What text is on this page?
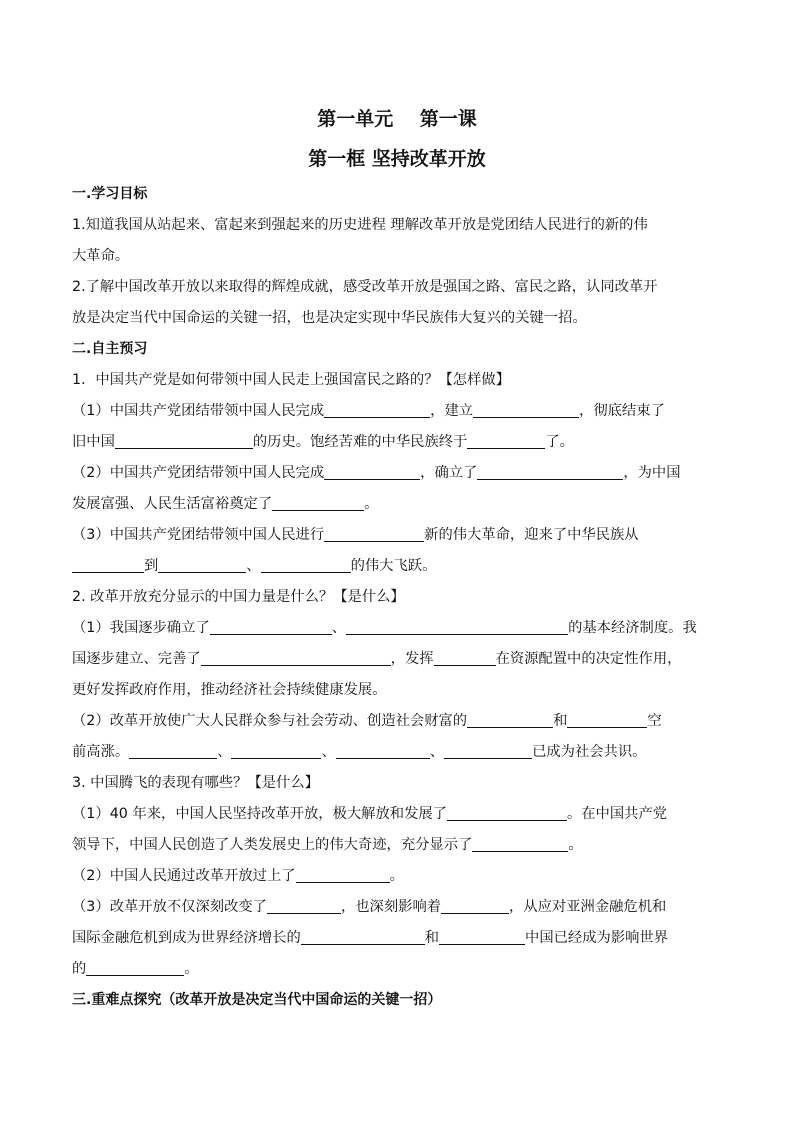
第一单元    第一课

第一框 坚持改革开放

一.学习目标

1.知道我国从站起来、富起来到强起来的历史进程 理解改革开放是党团结人民进行的新的伟

大革命。

2.了解中国改革开放以来取得的辉煌成就，感受改革开放是强国之路、富民之路，认同改革开

放是决定当代中国命运的关键一招，也是决定实现中华民族伟大复兴的关键一招。

二.自主预习

1．中国共产党是如何带领中国人民走上强国富民之路的？【怎样做】

（1）中国共产党团结带领中国人民完成	，建立	，彻底结束了

旧中国	的历史。饱经苦难的中华民族终于	了。

（2）中国共产党团结带领中国人民完成	，确立了	，为中国

发展富强、人民生活富裕奠定了	。

（3）中国共产党团结带领中国人民进行	新的伟大革命，迎来了中华民族从

到	、	的伟大飞跃。

2. 改革开放充分显示的中国力量是什么？【是什么】

（1）我国逐步确立了	、	的基本经济制度。我

国逐步建立、完善了	，发挥	在资源配置中的决定性作用，

更好发挥政府作用，推动经济社会持续健康发展。

（2）改革开放使广大人民群众参与社会劳动、创造社会财富的	和	空

前高涨。	、	、	、	已成为社会共识。

3. 中国腾飞的表现有哪些？【是什么】

（1）40 年来，中国人民坚持改革开放，极大解放和发展了	。在中国共产党

领导下，中国人民创造了人类发展史上的伟大奇迹，充分显示了	。

（2）中国人民通过改革开放过上了	。

（3）改革开放不仅深刻改变了	，也深刻影响着	，从应对亚洲金融危机和

国际金融危机到成为世界经济增长的	和	中国已经成为影响世界

的	。

三.重难点探究（改革开放是决定当代中国命运的关键一招）
